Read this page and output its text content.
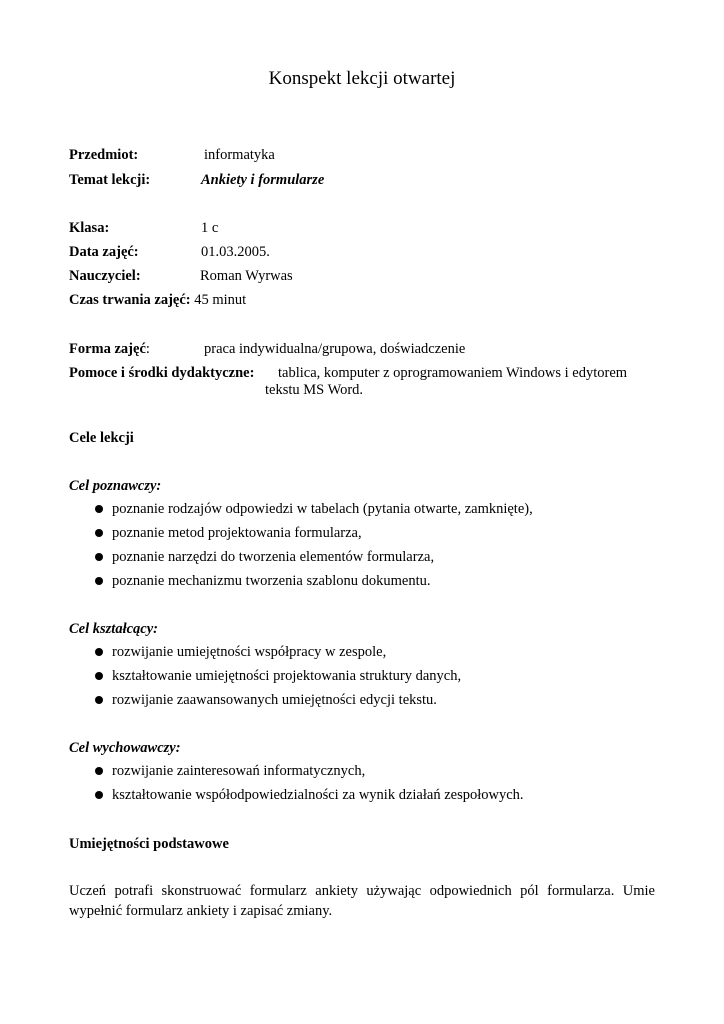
Konspekt lekcji otwartej
Przedmiot:	informatyka
Temat lekcji:	Ankiety i formularze
Klasa:	1 c
Data zajęć:	01.03.2005.
Nauczyciel:	Roman Wyrwas
Czas trwania zajęć: 45 minut
Forma zajęć:	praca indywidualna/grupowa, doświadczenie
Pomoce i środki dydaktyczne: tablica, komputer z oprogramowaniem Windows i edytorem
tekstu MS Word.
Cele lekcji
Cel poznawczy:
poznanie rodzajów odpowiedzi w tabelach (pytania otwarte, zamknięte),
poznanie metod projektowania formularza,
poznanie narzędzi do tworzenia elementów formularza,
poznanie mechanizmu tworzenia szablonu dokumentu.
Cel kształcący:
rozwijanie umiejętności współpracy w zespole,
kształtowanie umiejętności projektowania struktury danych,
rozwijanie zaawansowanych umiejętności edycji tekstu.
Cel wychowawczy:
rozwijanie zainteresowań informatycznych,
kształtowanie współodpowiedzialności za wynik działań zespołowych.
Umiejętności podstawowe
Uczeń potrafi skonstruować formularz ankiety używając odpowiednich pól formularza. Umie wypełnić formularz ankiety i zapisać zmiany.
